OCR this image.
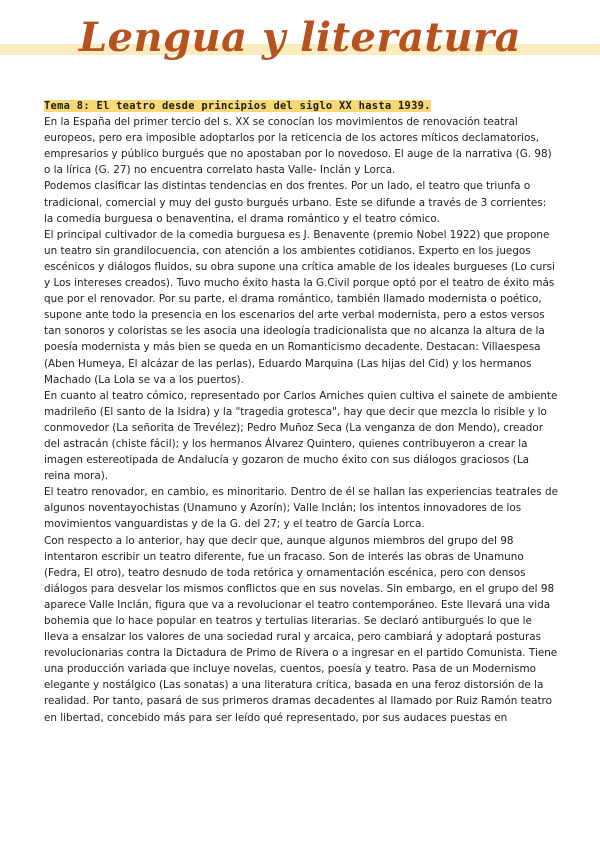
Lengua y literatura
Tema 8: El teatro desde principios del siglo XX hasta 1939.

En la España del primer tercio del s. XX se conocían los movimientos de renovación teatral europeos, pero era imposible adoptarlos por la reticencia de los actores míticos declamatorios, empresarios y público burgués que no apostaban por lo novedoso. El auge de la narrativa (G. 98) o la lírica (G. 27) no encuentra correlato hasta Valle- Inclán y Lorca.

Podemos clasificar las distintas tendencias en dos frentes. Por un lado, el teatro que triunfa o tradicional, comercial y muy del gusto burgués urbano. Este se difunde a través de 3 corrientes: la comedia burguesa o benaventina, el drama romántico y el teatro cómico.

El principal cultivador de la comedia burguesa es J. Benavente (premio Nobel 1922) que propone un teatro sin grandilocuencia, con atención a los ambientes cotidianos. Experto en los juegos escénicos y diálogos fluidos, su obra supone una crítica amable de los ideales burgueses (Lo cursi y Los intereses creados). Tuvo mucho éxito hasta la G.Civil porque optó por el teatro de éxito más que por el renovador. Por su parte, el drama romántico, también llamado modernista o poético, supone ante todo la presencia en los escenarios del arte verbal modernista, pero a estos versos tan sonoros y coloristas se les asocia una ideología tradicionalista que no alcanza la altura de la poesía modernista y más bien se queda en un Romanticismo decadente. Destacan: Villaespesa (Aben Humeya, El alcázar de las perlas), Eduardo Marquina (Las hijas del Cid) y los hermanos Machado (La Lola se va a los puertos).

En cuanto al teatro cómico, representado por Carlos Arniches quien cultiva el sainete de ambiente madrileño (El santo de la Isidra) y la "tragedia grotesca", hay que decir que mezcla lo risible y lo conmovedor (La señorita de Trevélez); Pedro Muñoz Seca (La venganza de don Mendo), creador del astracán (chiste fácil); y los hermanos Álvarez Quintero, quienes contribuyeron a crear la imagen estereotipada de Andalucía y gozaron de mucho éxito con sus diálogos graciosos (La reina mora).

El teatro renovador, en cambio, es minoritario. Dentro de él se hallan las experiencias teatrales de algunos noventayochistas (Unamuno y Azorín); Valle Inclán; los intentos innovadores de los movimientos vanguardistas y de la G. del 27; y el teatro de García Lorca.

Con respecto a lo anterior, hay que decir que, aunque algunos miembros del grupo del 98 intentaron escribir un teatro diferente, fue un fracaso. Son de interés las obras de Unamuno (Fedra, El otro), teatro desnudo de toda retórica y ornamentación escénica, pero con densos diálogos para desvelar los mismos conflictos que en sus novelas. Sin embargo, en el grupo del 98 aparece Valle Inclán, figura que va a revolucionar el teatro contemporáneo. Este llevará una vida bohemia que lo hace popular en teatros y tertulias literarias. Se declaró antiburgués lo que le lleva a ensalzar los valores de una sociedad rural y arcaica, pero cambiará y adoptará posturas revolucionarias contra la Dictadura de Primo de Rivera o a ingresar en el partido Comunista. Tiene una producción variada que incluye novelas, cuentos, poesía y teatro. Pasa de un Modernismo elegante y nostálgico (Las sonatas) a una literatura crítica, basada en una feroz distorsión de la realidad. Por tanto, pasará de sus primeros dramas decadentes al llamado por Ruiz Ramón teatro en libertad, concebido más para ser leído qué representado, por sus audaces puestas en
